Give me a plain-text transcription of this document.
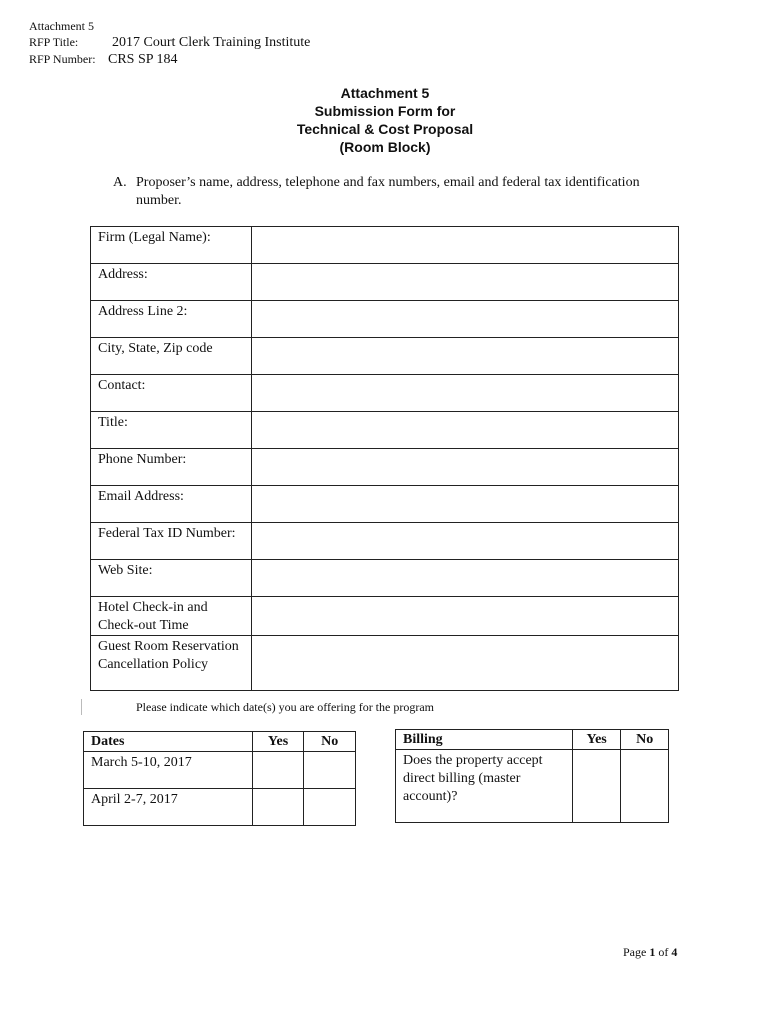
Attachment 5
RFP Title: 2017 Court Clerk Training Institute
RFP Number: CRS SP 184
Attachment 5
Submission Form for
Technical & Cost Proposal
(Room Block)
A. Proposer’s name, address, telephone and fax numbers, email and federal tax identification number.
Firm (Legal Name):	
Address:	
Address Line 2:	
City, State, Zip code	
Contact:	
Title:	
Phone Number:	
Email Address:	
Federal Tax ID Number:	
Web Site:	
Hotel Check-in and Check-out Time	
Guest Room Reservation Cancellation Policy	
Please indicate which date(s) you are offering for the program
Dates	Yes	No
March 5-10, 2017		
April 2-7, 2017		
Billing	Yes	No
Does the property accept direct billing (master account)?		
Page 1 of 4
